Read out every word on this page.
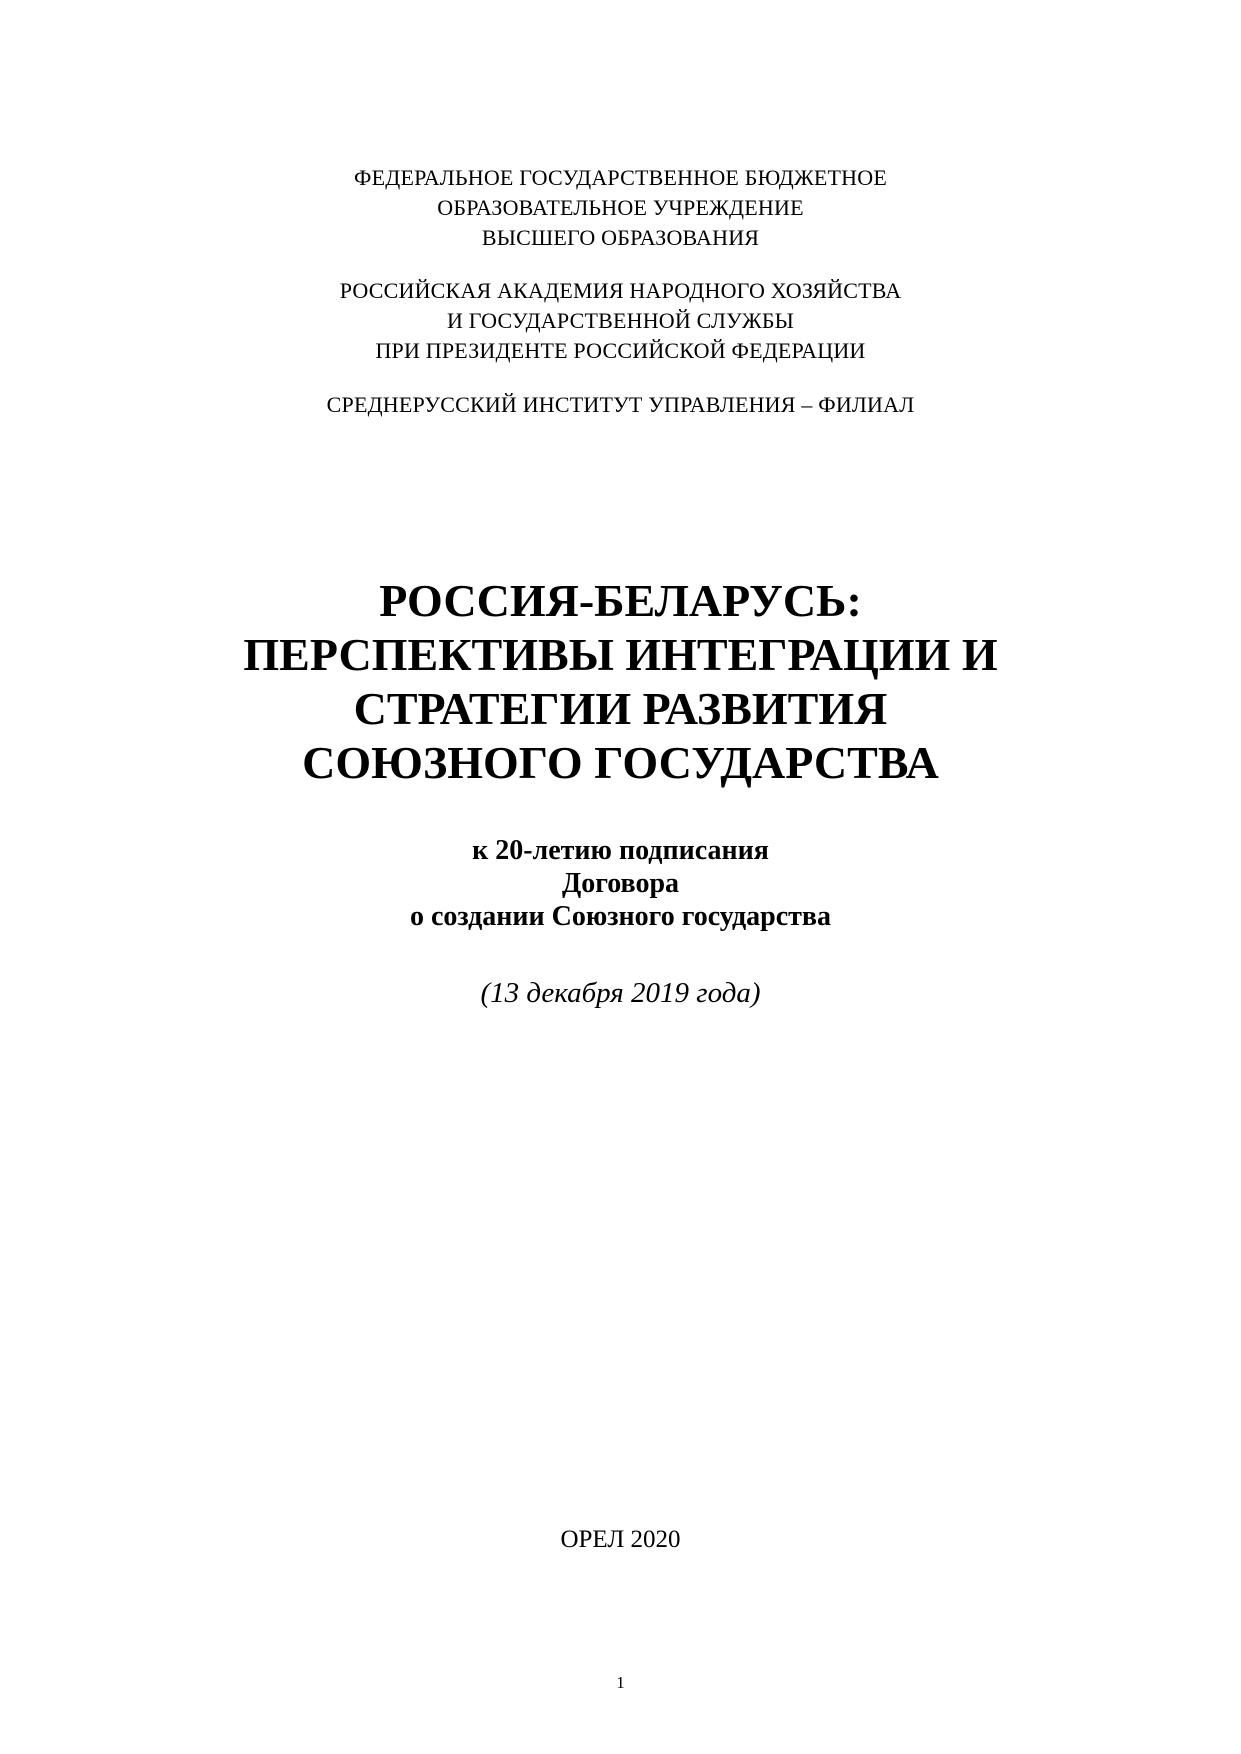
ФЕДЕРАЛЬНОЕ ГОСУДАРСТВЕННОЕ БЮДЖЕТНОЕ
ОБРАЗОВАТЕЛЬНОЕ УЧРЕЖДЕНИЕ
ВЫСШЕГО ОБРАЗОВАНИЯ
РОССИЙСКАЯ АКАДЕМИЯ НАРОДНОГО ХОЗЯЙСТВА
И ГОСУДАРСТВЕННОЙ СЛУЖБЫ
ПРИ ПРЕЗИДЕНТЕ РОССИЙСКОЙ ФЕДЕРАЦИИ
СРЕДНЕРУССКИЙ ИНСТИТУТ УПРАВЛЕНИЯ – ФИЛИАЛ
РОССИЯ-БЕЛАРУСЬ:
ПЕРСПЕКТИВЫ ИНТЕГРАЦИИ И
СТРАТЕГИИ РАЗВИТИЯ
СОЮЗНОГО ГОСУДАРСТВА
к 20-летию подписания
Договора
о создании Союзного государства
(13 декабря 2019 года)
ОРЕЛ 2020
1
